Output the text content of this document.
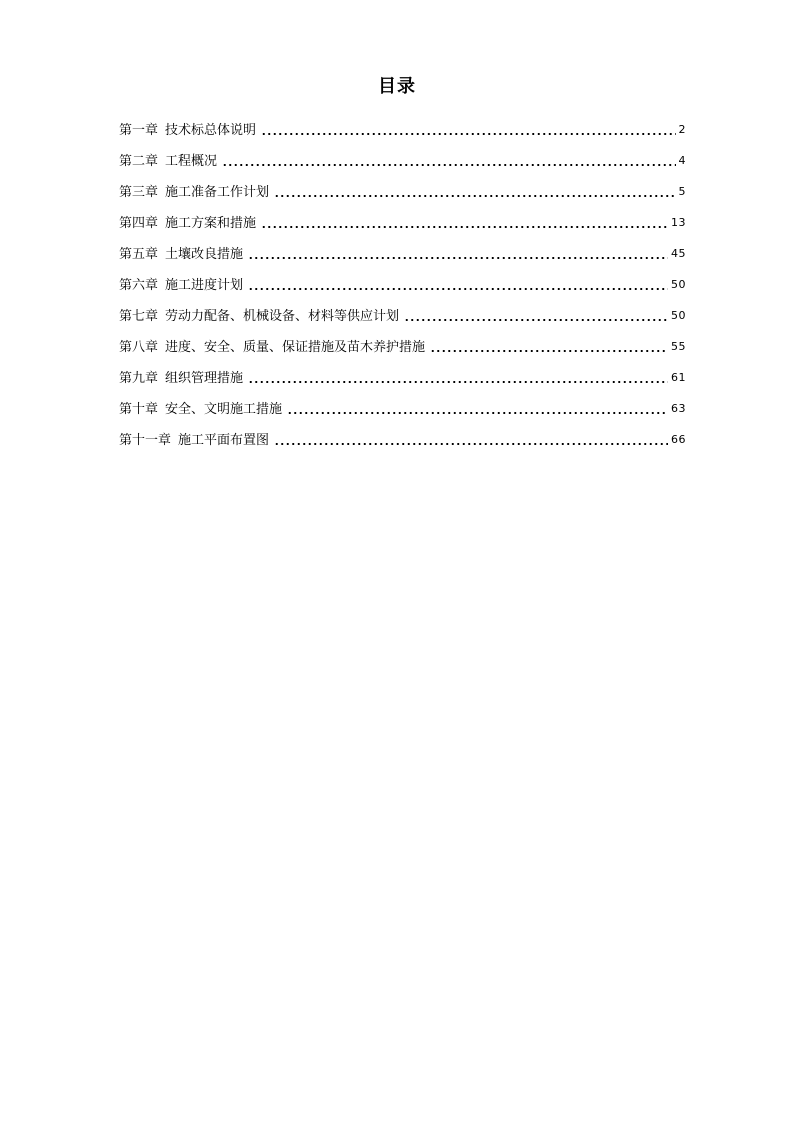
目录
第一章 技术标总体说明	2
第二章 工程概况	4
第三章 施工准备工作计划	5
第四章 施工方案和措施	13
第五章 土壤改良措施	45
第六章 施工进度计划	50
第七章 劳动力配备、机械设备、材料等供应计划	50
第八章 进度、安全、质量、保证措施及苗木养护措施	55
第九章 组织管理措施	61
第十章 安全、文明施工措施	63
第十一章 施工平面布置图	66
